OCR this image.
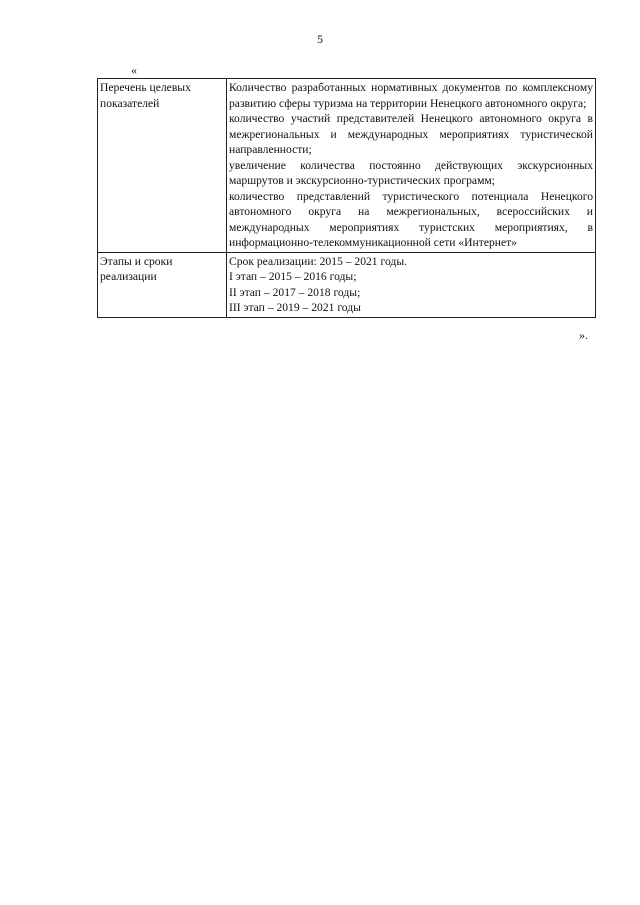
5
«
Перечень целевых показателей	Количество разработанных нормативных документов по комплексному развитию сферы туризма на территории Ненецкого автономного округа;

количество участий представителей Ненецкого автономного округа в межрегиональных и международных мероприятиях туристической направленности;

увеличение количества постоянно действующих экскурсионных маршрутов и экскурсионно-туристических программ;

количество представлений туристического потенциала Ненецкого автономного округа на межрегиональных, всероссийских и международных мероприятиях туристских мероприятиях, в информационно-телекоммуникационной сети «Интернет»

Этапы и сроки реализации	Срок реализации: 2015 – 2021 годы.
I этап – 2015 – 2016 годы;
II этап – 2017 – 2018 годы;
III этап – 2019 – 2021 годы
».
